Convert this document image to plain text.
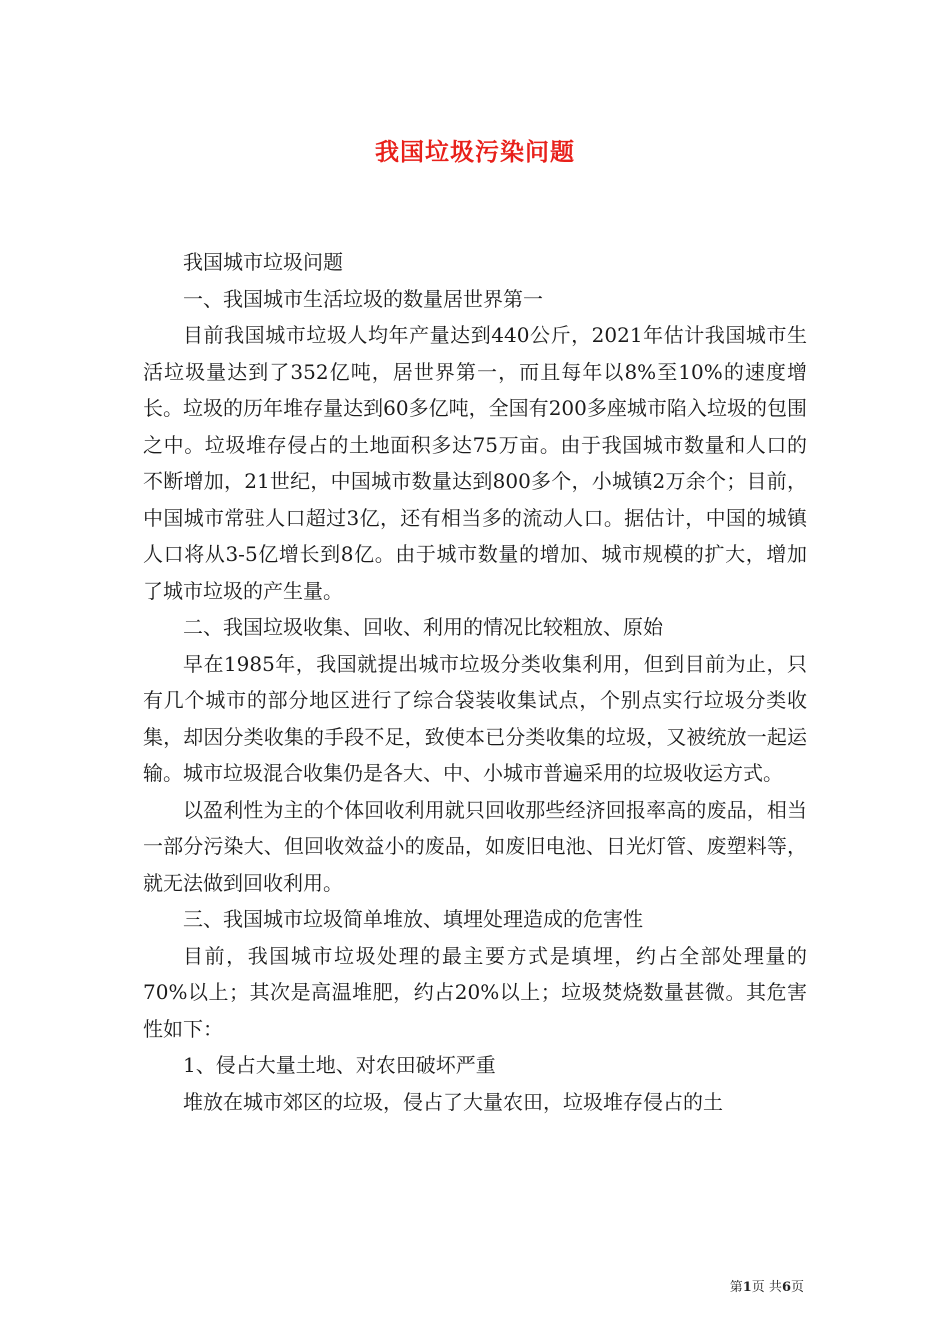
我国垃圾污染问题

我国城市垃圾问题

一、我国城市生活垃圾的数量居世界第一

目前我国城市垃圾人均年产量达到440公斤，2021年估计我国城市生活垃圾量达到了352亿吨，居世界第一，而且每年以8%至10%的速度增长。垃圾的历年堆存量达到60多亿吨，全国有200多座城市陷入垃圾的包围之中。垃圾堆存侵占的土地面积多达75万亩。由于我国城市数量和人口的不断增加，21世纪，中国城市数量达到800多个，小城镇2万余个；目前，中国城市常驻人口超过3亿，还有相当多的流动人口。据估计，中国的城镇人口将从3-5亿增长到8亿。由于城市数量的增加、城市规模的扩大，增加了城市垃圾的产生量。

二、我国垃圾收集、回收、利用的情况比较粗放、原始

早在1985年，我国就提出城市垃圾分类收集利用，但到目前为止，只有几个城市的部分地区进行了综合袋装收集试点，个别点实行垃圾分类收集，却因分类收集的手段不足，致使本已分类收集的垃圾，又被统放一起运输。城市垃圾混合收集仍是各大、中、小城市普遍采用的垃圾收运方式。

以盈利性为主的个体回收利用就只回收那些经济回报率高的废品，相当一部分污染大、但回收效益小的废品，如废旧电池、日光灯管、废塑料等，就无法做到回收利用。

三、我国城市垃圾简单堆放、填埋处理造成的危害性

目前，我国城市垃圾处理的最主要方式是填埋，约占全部处理量的70%以上；其次是高温堆肥，约占20%以上；垃圾焚烧数量甚微。其危害性如下：

1、侵占大量土地、对农田破坏严重

堆放在城市郊区的垃圾，侵占了大量农田，垃圾堆存侵占的土

第1页 共6页
